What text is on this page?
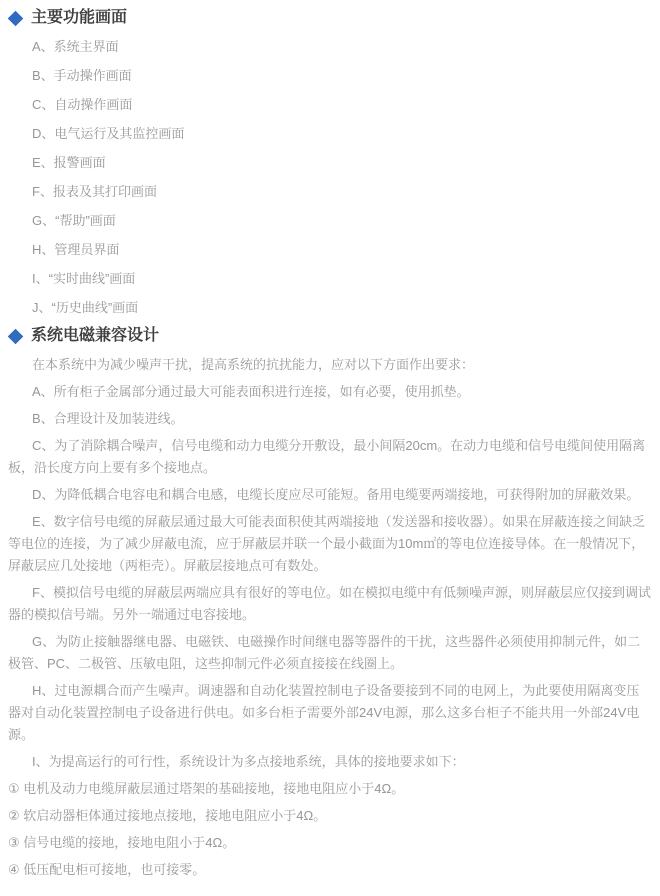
主要功能画面
A、系统主界面
B、手动操作画面
C、自动操作画面
D、电气运行及其监控画面
E、报警画面
F、报表及其打印画面
G、“帮助”画面
H、管理员界面
I、“实时曲线”画面
J、“历史曲线”画面
系统电磁兼容设计

在本系统中为减少噪声干扰，提高系统的抗扰能力，应对以下方面作出要求：

A、所有柜子金属部分通过最大可能表面积进行连接，如有必要，使用抓垫。

B、合理设计及加装进线。

C、为了消除耦合噪声，信号电缆和动力电缆分开敷设，最小间隔20cm。在动力电缆和信号电缆间使用隔离板，沿长度方向上要有多个接地点。

D、为降低耦合电容电和耦合电感，电缆长度应尽可能短。备用电缆要两端接地，可获得附加的屏蔽效果。

E、数字信号电缆的屏蔽层通过最大可能表面积使其两端接地（发送器和接收器）。如果在屏蔽连接之间缺乏等电位的连接，为了减少屏蔽电流，应于屏蔽层并联一个最小截面为10m㎡的等电位连接导体。在一般情况下，屏蔽层应几处接地（两柜壳）。屏蔽层接地点可有数处。

F、模拟信号电缆的屏蔽层两端应具有很好的等电位。如在模拟电缆中有低频噪声源，则屏蔽层应仅接到调试器的模拟信号端。另外一端通过电容接地。

G、为防止接触器继电器、电磁铁、电磁操作时间继电器等器件的干扰，这些器件必须使用抑制元件，如二极管、PC、二极管、压敏电阻，这些抑制元件必须直接接在线圈上。

H、过电源耦合而产生噪声。调速器和自动化装置控制电子设备要接到不同的电网上，为此要使用隔离变压器对自动化装置控制电子设备进行供电。如多台柜子需要外部24V电源，那么这多台柜子不能共用一外部24V电源。

I、为提高运行的可行性，系统设计为多点接地系统，具体的接地要求如下：

① 电机及动力电缆屏蔽层通过塔架的基础接地，接地电阻应小于4Ω。

② 软启动器柜体通过接地点接地，接地电阻应小于4Ω。

③ 信号电缆的接地，接地电阻小于4Ω。

④ 低压配电柜可接地，也可接零。
